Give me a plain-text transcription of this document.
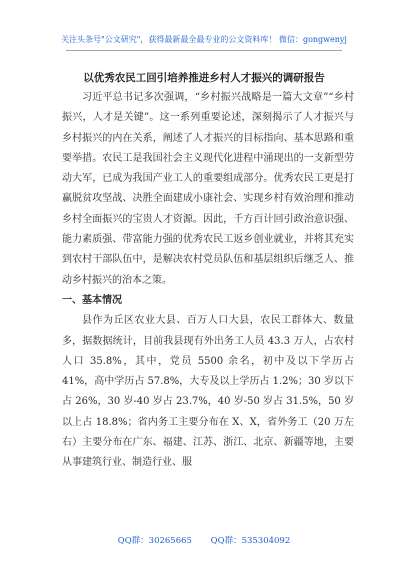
关注头条号"公文研究"，获得最新最全最专业的公文资料库！ 微信：gongwenyj
以优秀农民工回引培养推进乡村人才振兴的调研报告

习近平总书记多次强调，“乡村振兴战略是一篇大文章”“乡村振兴，人才是关键”。这一系列重要论述，深刻揭示了人才振兴与乡村振兴的内在关系，阐述了人才振兴的目标指向、基本思路和重要举措。农民工是我国社会主义现代化进程中涌现出的一支新型劳动大军，已成为我国产业工人的重要组成部分。优秀农民工更是打赢脱贫攻坚战、决胜全面建成小康社会、实现乡村有效治理和推动乡村全面振兴的宝贵人才资源。因此，千方百计回引政治意识强、能力素质强、带富能力强的优秀农民工返乡创业就业，并将其充实到农村干部队伍中，是解决农村党员队伍和基层组织后继乏人、推动乡村振兴的治本之策。

一、基本情况

县作为丘区农业大县、百万人口大县，农民工群体大、数量多，据数据统计，目前我县现有外出务工人员 43.3 万人，占农村人口 35.8%，其中，党员 5500 余名，初中及以下学历占 41%，高中学历占 57.8%，大专及以上学历占 1.2%；30 岁以下占 26%，30 岁-40 岁占 23.7%，40 岁-50 岁占 31.5%，50 岁以上占 18.8%；省内务工主要分布在 X、X，省外务工（20 万左右）主要分布在广东、福建、江苏、浙江、北京、新疆等地，主要从事建筑行业、制造行业、服

QQ群：30265665 QQ群：535304092
